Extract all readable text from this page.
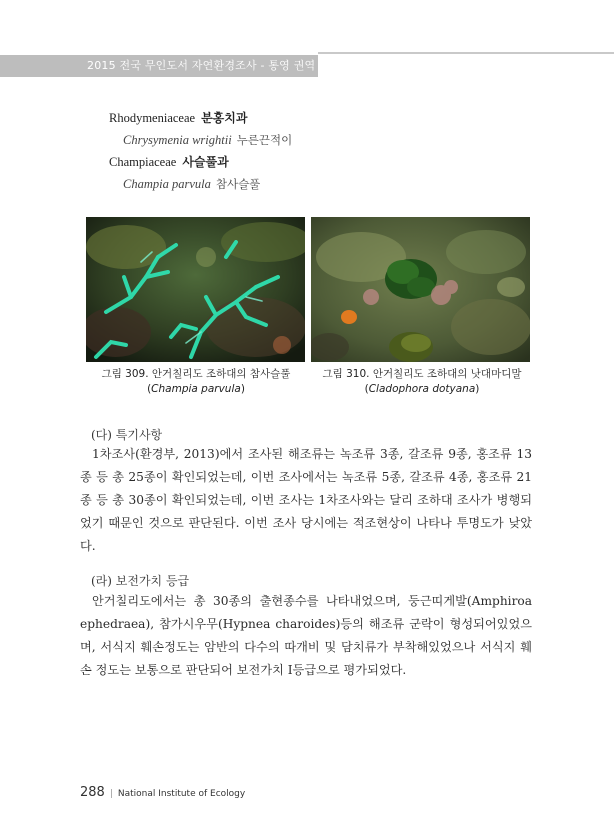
2015 전국 무인도서 자연환경조사 - 통영 권역
Rhodymeniaceae 분홍치과
Chrysymenia wrightii 누른끈적이
Champiaceae 사슬풀과
Champia parvula 참사슬풀
그림 309. 안거칠리도 조하대의 참사슬풀
(Champia parvula)
그림 310. 안거칠리도 조하대의 낫대마디말
(Cladophora dotyana)
(다) 특기사항
1차조사(환경부, 2013)에서 조사된 해조류는 녹조류 3종, 갈조류 9종, 홍조류 13종 등 총 25종이 확인되었는데, 이번 조사에서는 녹조류 5종, 갈조류 4종, 홍조류 21종 등 총 30종이 확인되었는데, 이번 조사는 1차조사와는 달리 조하대 조사가 병행되었기 때문인 것으로 판단된다. 이번 조사 당시에는 적조현상이 나타나 투명도가 낮았다.
(라) 보전가치 등급
안거칠리도에서는 총 30종의 출현종수를 나타내었으며, 둥근띠게발(Amphiroa ephedraea), 참가시우무(Hypnea charoides)등의 해조류 군락이 형성되어있었으며, 서식지 훼손정도는 암반의 다수의 따개비 및 담치류가 부착해있었으나 서식지 훼손 정도는 보통으로 판단되어 보전가치 I등급으로 평가되었다.
288 | National Institute of Ecology
